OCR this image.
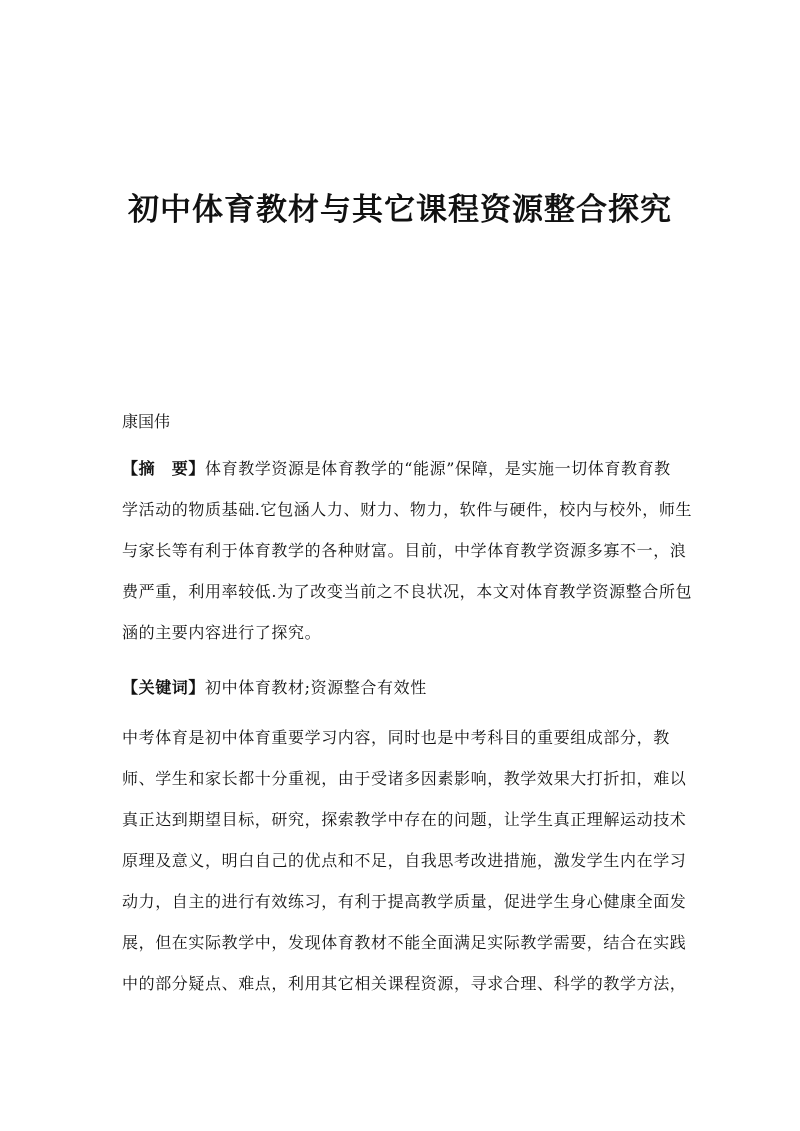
初中体育教材与其它课程资源整合探究
康国伟
【摘　要】体育教学资源是体育教学的“能源”保障，是实施一切体育教育教
学活动的物质基础.它包涵人力、财力、物力，软件与硬件，校内与校外，师生
与家长等有利于体育教学的各种财富。目前，中学体育教学资源多寡不一，浪
费严重，利用率较低.为了改变当前之不良状况，本文对体育教学资源整合所包
涵的主要内容进行了探究。
【关键词】初中体育教材;资源整合有效性
中考体育是初中体育重要学习内容，同时也是中考科目的重要组成部分，教
师、学生和家长都十分重视，由于受诸多因素影响，教学效果大打折扣，难以
真正达到期望目标，研究，探索教学中存在的问题，让学生真正理解运动技术
原理及意义，明白自己的优点和不足，自我思考改进措施，激发学生内在学习
动力，自主的进行有效练习，有利于提高教学质量，促进学生身心健康全面发
展，但在实际教学中，发现体育教材不能全面满足实际教学需要，结合在实践
中的部分疑点、难点，利用其它相关课程资源，寻求合理、科学的教学方法，
